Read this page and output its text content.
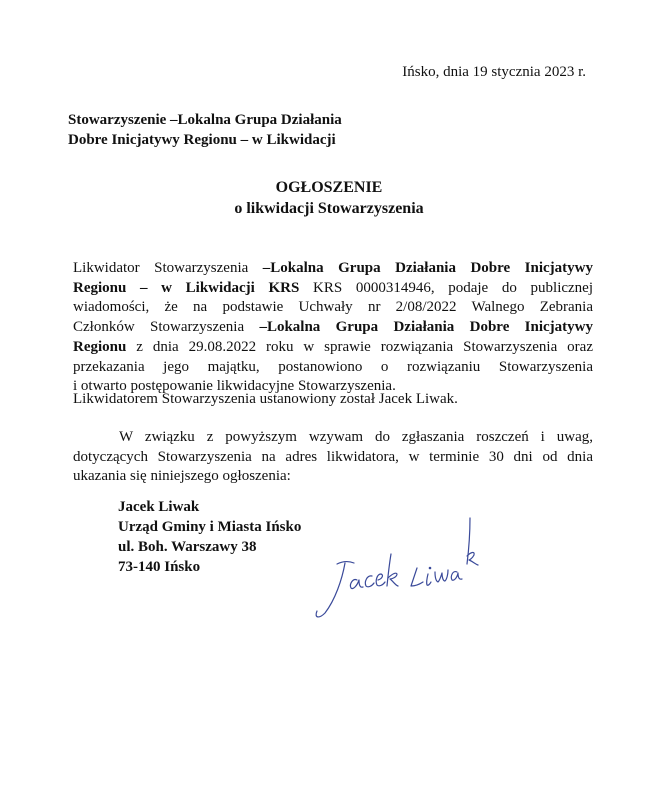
Ińsko, dnia 19 stycznia 2023 r.
Stowarzyszenie –Lokalna Grupa Działania
Dobre Inicjatywy Regionu – w Likwidacji
OGŁOSZENIE
o likwidacji Stowarzyszenia
Likwidator Stowarzyszenia –Lokalna Grupa Działania Dobre Inicjatywy
Regionu – w Likwidacji KRS KRS 0000314946, podaje do publicznej
wiadomości, że na podstawie Uchwały nr 2/08/2022 Walnego Zebrania
Członków Stowarzyszenia –Lokalna Grupa Działania Dobre Inicjatywy
Regionu z dnia 29.08.2022 roku w sprawie rozwiązania Stowarzyszenia oraz
przekazania jego majątku, postanowiono o rozwiązaniu Stowarzyszenia
i otwarto postępowanie likwidacyjne Stowarzyszenia.
Likwidatorem Stowarzyszenia ustanowiony został Jacek Liwak.
W związku z powyższym wzywam do zgłaszania roszczeń i uwag,
dotyczących Stowarzyszenia na adres likwidatora, w terminie 30 dni od dnia
ukazania się niniejszego ogłoszenia:
Jacek Liwak
Urząd Gminy i Miasta Ińsko
ul. Boh. Warszawy 38
73-140 Ińsko
